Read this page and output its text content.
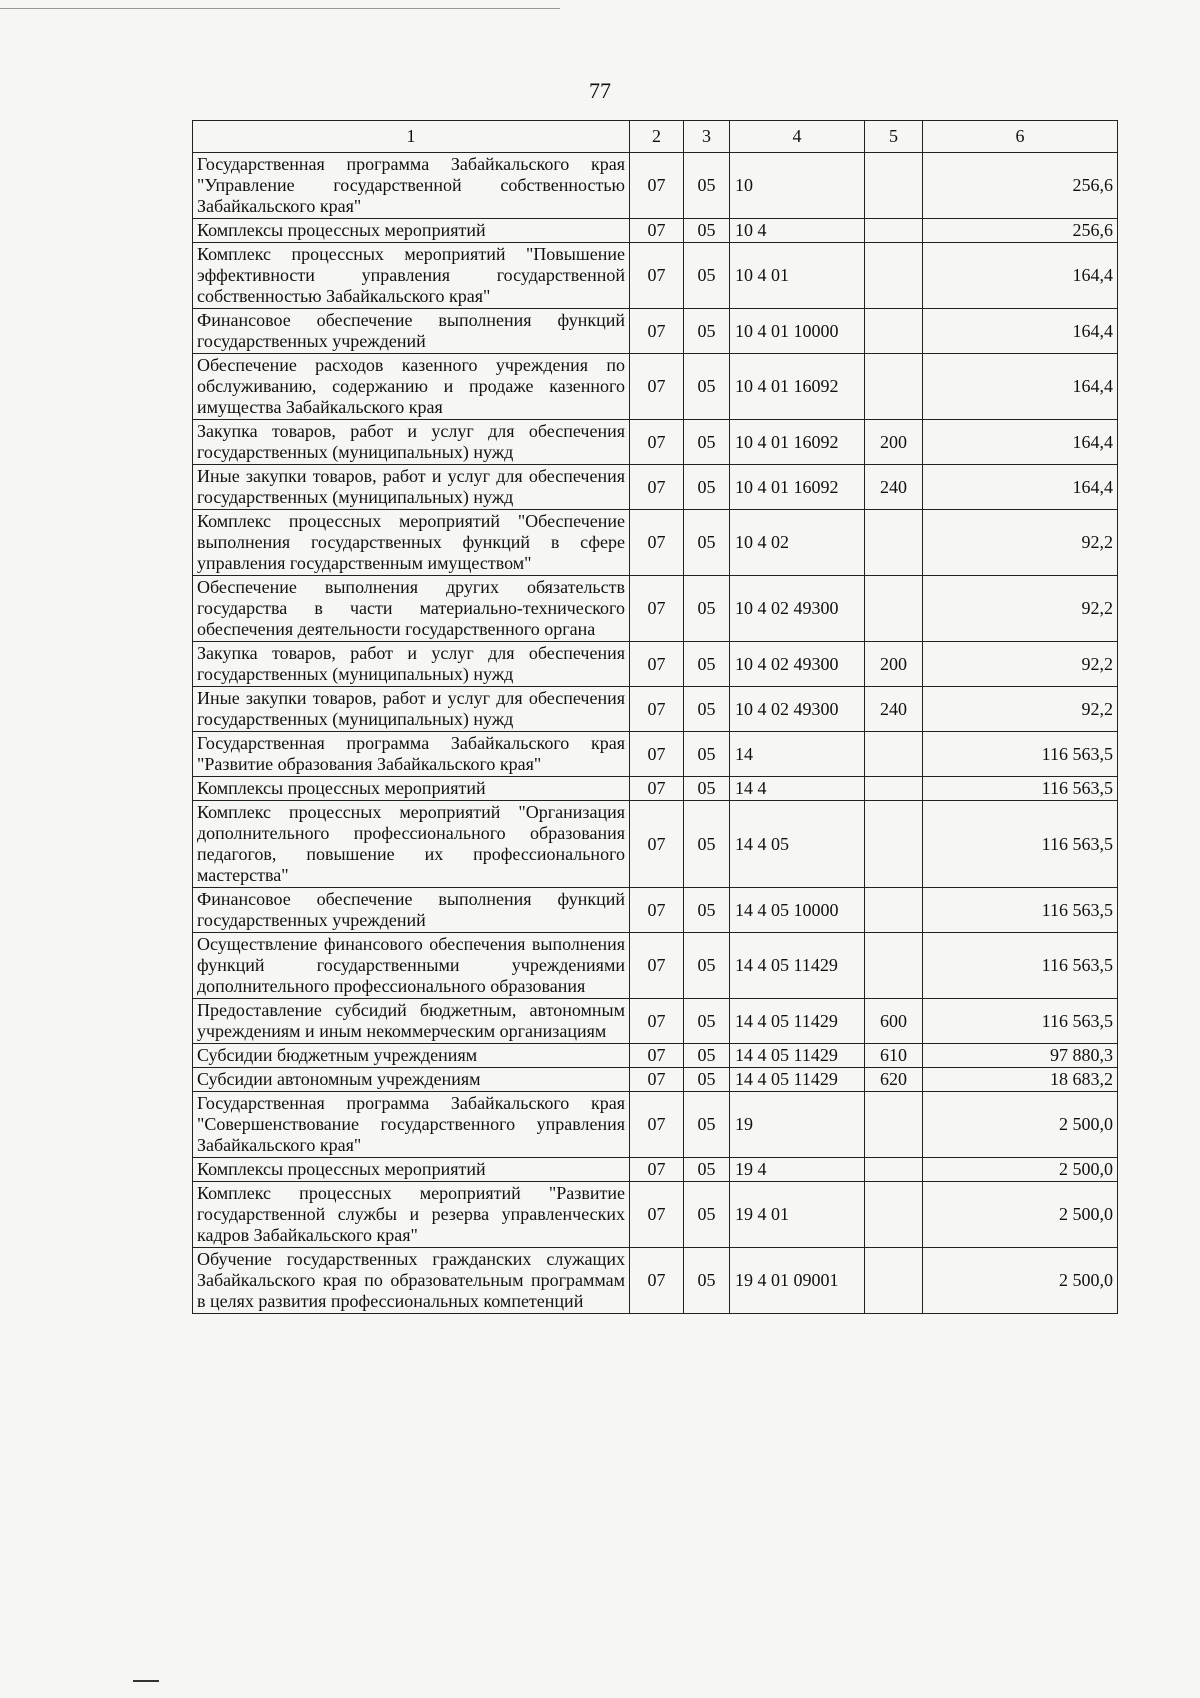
77
1	2	3	4	5	6
Государственная программа Забайкальского края "Управление государственной собственностью Забайкальского края"	07	05	10		256,6
Комплексы процессных мероприятий	07	05	10 4		256,6
Комплекс процессных мероприятий "Повышение эффективности управления государственной собственностью Забайкальского края"	07	05	10 4 01		164,4
Финансовое обеспечение выполнения функций государственных учреждений	07	05	10 4 01 10000		164,4
Обеспечение расходов казенного учреждения по обслуживанию, содержанию и продаже казенного имущества Забайкальского края	07	05	10 4 01 16092		164,4
Закупка товаров, работ и услуг для обеспечения государственных (муниципальных) нужд	07	05	10 4 01 16092	200	164,4
Иные закупки товаров, работ и услуг для обеспечения государственных (муниципальных) нужд	07	05	10 4 01 16092	240	164,4
Комплекс процессных мероприятий "Обеспечение выполнения государственных функций в сфере управления государственным имуществом"	07	05	10 4 02		92,2
Обеспечение выполнения других обязательств государства в части материально-технического обеспечения деятельности государственного органа	07	05	10 4 02 49300		92,2
Закупка товаров, работ и услуг для обеспечения государственных (муниципальных) нужд	07	05	10 4 02 49300	200	92,2
Иные закупки товаров, работ и услуг для обеспечения государственных (муниципальных) нужд	07	05	10 4 02 49300	240	92,2
Государственная программа Забайкальского края "Развитие образования Забайкальского края"	07	05	14		116 563,5
Комплексы процессных мероприятий	07	05	14 4		116 563,5
Комплекс процессных мероприятий "Организация дополнительного профессионального образования педагогов, повышение их профессионального мастерства"	07	05	14 4 05		116 563,5
Финансовое обеспечение выполнения функций государственных учреждений	07	05	14 4 05 10000		116 563,5
Осуществление финансового обеспечения выполнения функций государственными учреждениями дополнительного профессионального образования	07	05	14 4 05 11429		116 563,5
Предоставление субсидий бюджетным, автономным учреждениям и иным некоммерческим организациям	07	05	14 4 05 11429	600	116 563,5
Субсидии бюджетным учреждениям	07	05	14 4 05 11429	610	97 880,3
Субсидии автономным учреждениям	07	05	14 4 05 11429	620	18 683,2
Государственная программа Забайкальского края "Совершенствование государственного управления Забайкальского края"	07	05	19		2 500,0
Комплексы процессных мероприятий	07	05	19 4		2 500,0
Комплекс процессных мероприятий "Развитие государственной службы и резерва управленческих кадров Забайкальского края"	07	05	19 4 01		2 500,0
Обучение государственных гражданских служащих Забайкальского края по образовательным программам в целях развития профессиональных компетенций	07	05	19 4 01 09001		2 500,0
